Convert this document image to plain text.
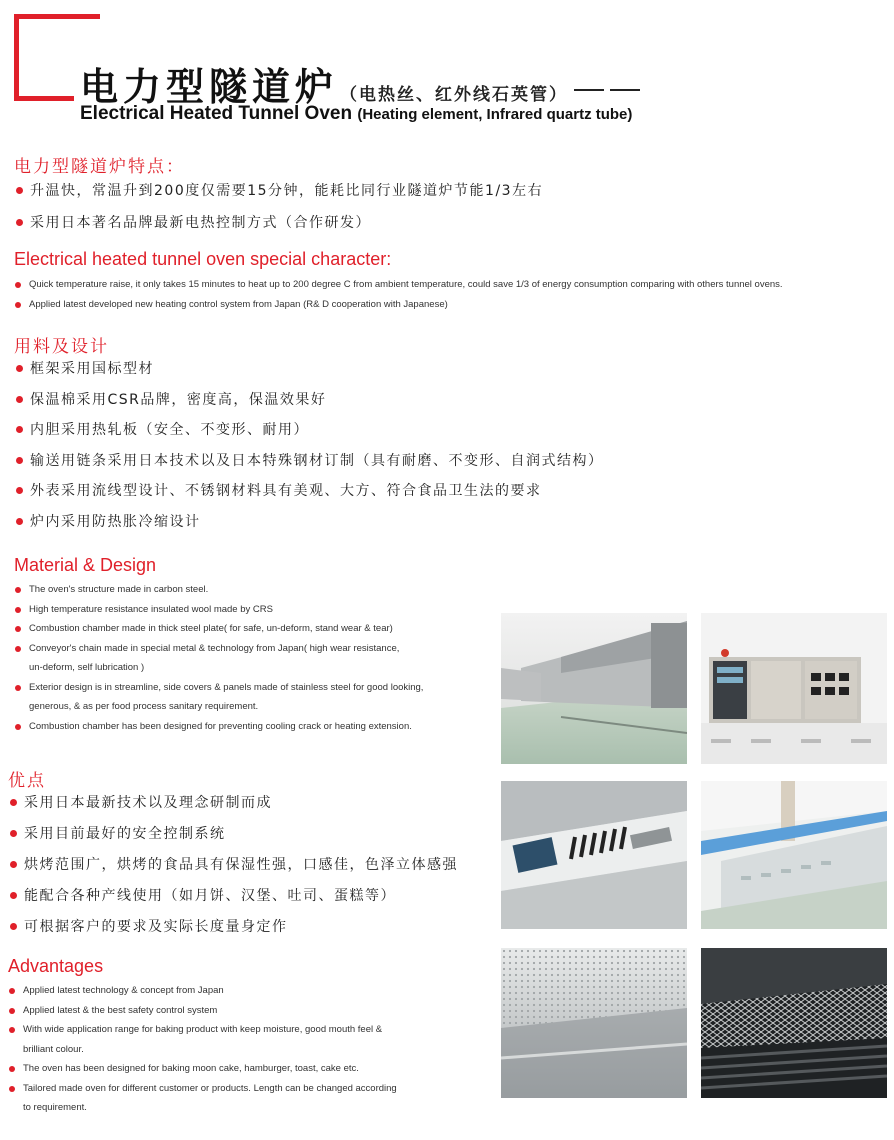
电力型隧道炉 （电热丝、红外线石英管）
Electrical Heated Tunnel Oven (Heating element, Infrared quartz tube)
电力型隧道炉特点：
升温快，常温升到200度仅需要15分钟，能耗比同行业隧道炉节能1/3左右
采用日本著名品牌最新电热控制方式（合作研发）
Electrical heated tunnel oven special character:
Quick temperature raise, it only takes 15 minutes to heat up to 200 degree C from ambient temperature, could save 1/3 of energy consumption comparing with others tunnel ovens.
Applied latest developed new heating control system from Japan (R& D cooperation with Japanese)
用料及设计
框架采用国标型材
保温棉采用CSR品牌，密度高，保温效果好
内胆采用热轧板（安全、不变形、耐用）
输送用链条采用日本技术以及日本特殊钢材订制（具有耐磨、不变形、自润式结构）
外表采用流线型设计、不锈钢材料具有美观、大方、符合食品卫生法的要求
炉内采用防热胀冷缩设计
Material & Design
The oven's structure made in carbon steel.
High temperature resistance insulated wool made by CRS
Combustion chamber made in thick steel plate( for safe, un-deform, stand wear & tear)
Conveyor's chain made in special metal & technology from Japan( high wear resistance,
un-deform, self lubrication )
Exterior design is in streamline, side covers & panels made of stainless steel for good looking,
generous, & as per food process sanitary requirement.
Combustion chamber has been designed for preventing cooling crack or heating extension.
优点
采用日本最新技术以及理念研制而成
采用目前最好的安全控制系统
烘烤范围广，烘烤的食品具有保湿性强，口感佳，色泽立体感强
能配合各种产线使用（如月饼、汉堡、吐司、蛋糕等）
可根据客户的要求及实际长度量身定作
Advantages
Applied latest technology & concept from Japan
Applied latest & the best safety control system
With wide application range for baking product with keep moisture, good mouth feel &
brilliant colour.
The oven has been designed for baking moon cake, hamburger, toast, cake etc.
Tailored made oven for different customer or products. Length can be changed according
to requirement.
